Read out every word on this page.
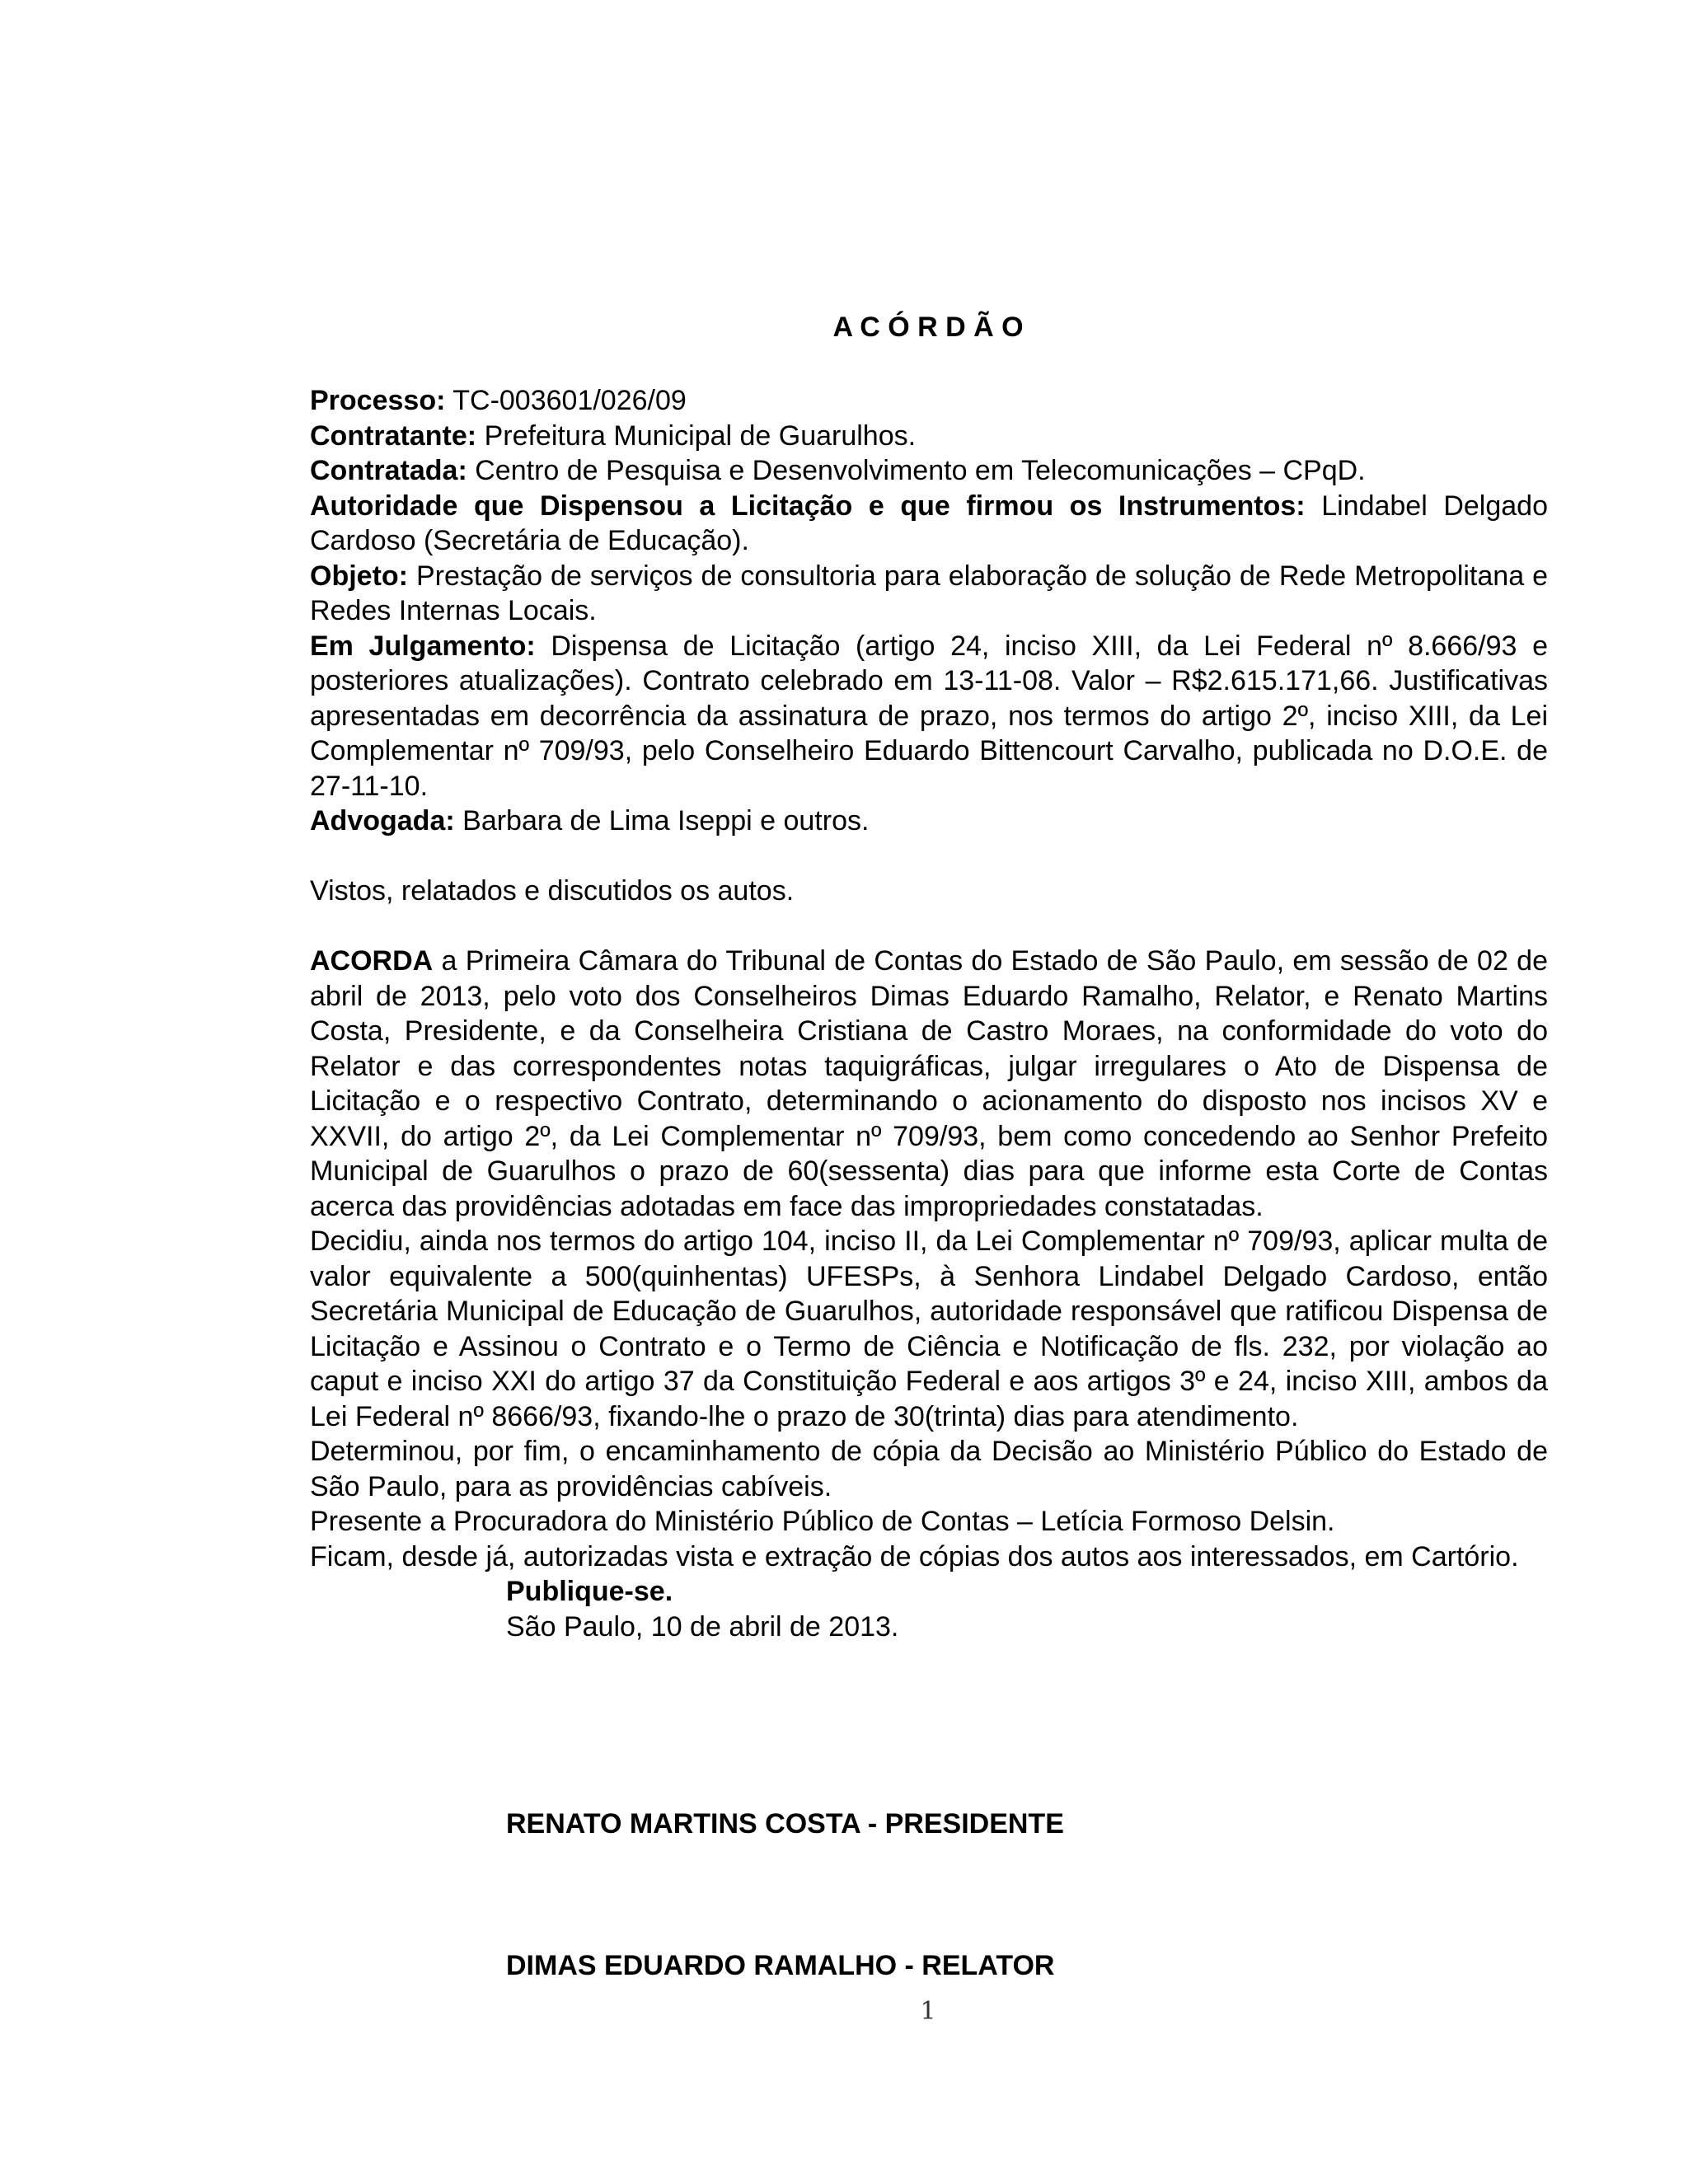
A C Ó R D Ã O

Processo: TC-003601/026/09

Contratante: Prefeitura Municipal de Guarulhos.

Contratada: Centro de Pesquisa e Desenvolvimento em Telecomunicações – CPqD.

Autoridade que Dispensou a Licitação e que firmou os Instrumentos: Lindabel Delgado Cardoso (Secretária de Educação).

Objeto: Prestação de serviços de consultoria para elaboração de solução de Rede Metropolitana e Redes Internas Locais.

Em Julgamento: Dispensa de Licitação (artigo 24, inciso XIII, da Lei Federal nº 8.666/93 e posteriores atualizações). Contrato celebrado em 13-11-08. Valor – R$2.615.171,66. Justificativas apresentadas em decorrência da assinatura de prazo, nos termos do artigo 2º, inciso XIII, da Lei Complementar nº 709/93, pelo Conselheiro Eduardo Bittencourt Carvalho, publicada no D.O.E. de 27-11-10.

Advogada: Barbara de Lima Iseppi e outros.

Vistos, relatados e discutidos os autos.

ACORDA a Primeira Câmara do Tribunal de Contas do Estado de São Paulo, em sessão de 02 de abril de 2013, pelo voto dos Conselheiros Dimas Eduardo Ramalho, Relator, e Renato Martins Costa, Presidente, e da Conselheira Cristiana de Castro Moraes, na conformidade do voto do Relator e das correspondentes notas taquigráficas, julgar irregulares o Ato de Dispensa de Licitação e o respectivo Contrato, determinando o acionamento do disposto nos incisos XV e XXVII, do artigo 2º, da Lei Complementar nº 709/93, bem como concedendo ao Senhor Prefeito Municipal de Guarulhos o prazo de 60(sessenta) dias para que informe esta Corte de Contas acerca das providências adotadas em face das impropriedades constatadas.

Decidiu, ainda nos termos do artigo 104, inciso II, da Lei Complementar nº 709/93, aplicar multa de valor equivalente a 500(quinhentas) UFESPs, à Senhora Lindabel Delgado Cardoso, então Secretária Municipal de Educação de Guarulhos, autoridade responsável que ratificou Dispensa de Licitação e Assinou o Contrato e o Termo de Ciência e Notificação de fls. 232, por violação ao caput e inciso XXI do artigo 37 da Constituição Federal e aos artigos 3º e 24, inciso XIII, ambos da Lei Federal nº 8666/93, fixando-lhe o prazo de 30(trinta) dias para atendimento.

Determinou, por fim, o encaminhamento de cópia da Decisão ao Ministério Público do Estado de São Paulo, para as providências cabíveis.

Presente a Procuradora do Ministério Público de Contas – Letícia Formoso Delsin.

Ficam, desde já, autorizadas vista e extração de cópias dos autos aos interessados, em Cartório.

Publique-se.

São Paulo, 10 de abril de 2013.

RENATO MARTINS COSTA - PRESIDENTE
DIMAS EDUARDO RAMALHO - RELATOR
1
